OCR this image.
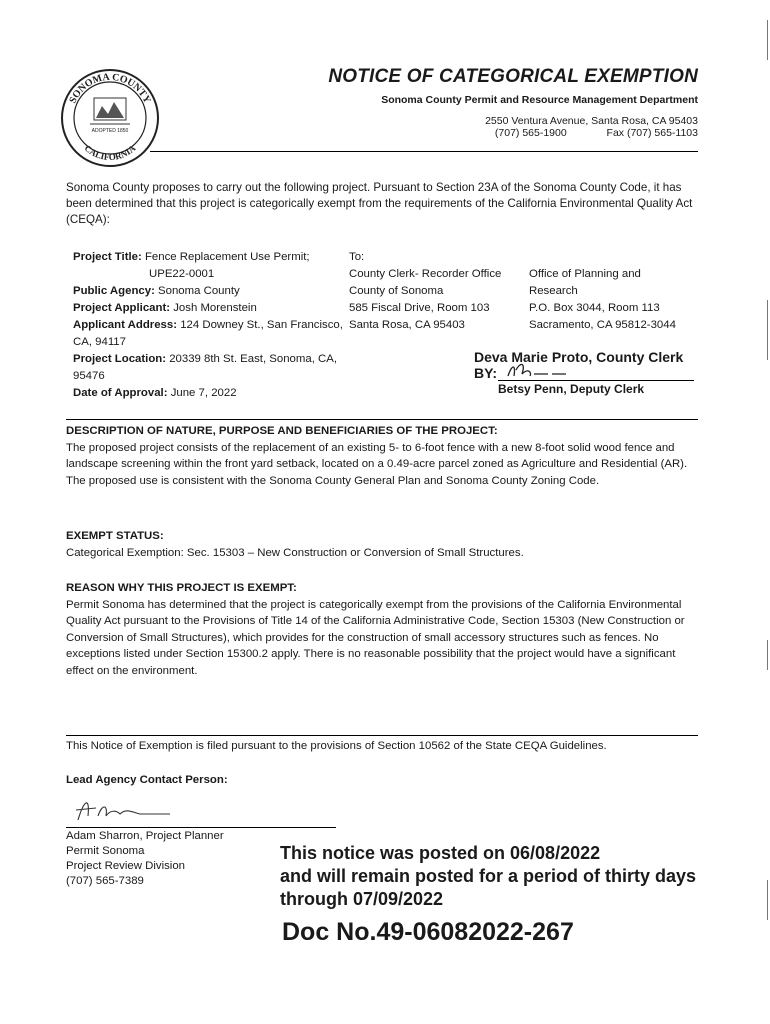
SONOMA COUNTY
CALIFORNIA
ADOPTED 1850
NOTICE OF CATEGORICAL EXEMPTION
Sonoma County Permit and Resource Management Department
2550 Ventura Avenue, Santa Rosa, CA 95403
(707) 565-1900	Fax (707) 565-1103
Sonoma County proposes to carry out the following project. Pursuant to Section 23A of the Sonoma County Code, it has been determined that this project is categorically exempt from the requirements of the California Environmental Quality Act (CEQA):
Project Title: Fence Replacement Use Permit;
UPE22-0001
Public Agency: Sonoma County
Project Applicant: Josh Morenstein
Applicant Address: 124 Downey St., San Francisco, CA, 94117
Project Location: 20339 8th St. East, Sonoma, CA, 95476
Date of Approval: June 7, 2022
To:
County Clerk- Recorder Office
County of Sonoma
585 Fiscal Drive, Room 103
Santa Rosa, CA 95403
Office of Planning and
Research
P.O. Box 3044, Room 113
Sacramento, CA 95812-3044
Deva Marie Proto, County Clerk
BY:
Betsy Penn, Deputy Clerk
DESCRIPTION OF NATURE, PURPOSE AND BENEFICIARIES OF THE PROJECT:
The proposed project consists of the replacement of an existing 5- to 6-foot fence with a new 8-foot solid wood fence and landscape screening within the front yard setback, located on a 0.49-acre parcel zoned as Agriculture and Residential (AR). The proposed use is consistent with the Sonoma County General Plan and Sonoma County Zoning Code.
EXEMPT STATUS:
Categorical Exemption: Sec. 15303 – New Construction or Conversion of Small Structures.
REASON WHY THIS PROJECT IS EXEMPT:
Permit Sonoma has determined that the project is categorically exempt from the provisions of the California Environmental Quality Act pursuant to the Provisions of Title 14 of the California Administrative Code, Section 15303 (New Construction or Conversion of Small Structures), which provides for the construction of small accessory structures such as fences. No exceptions listed under Section 15300.2 apply. There is no reasonable possibility that the project would have a significant effect on the environment.
This Notice of Exemption is filed pursuant to the provisions of Section 10562 of the State CEQA Guidelines.
Lead Agency Contact Person:
Adam Sharron, Project Planner
Permit Sonoma
Project Review Division
(707) 565-7389
This notice was posted on 06/08/2022
and will remain posted for a period of thirty days
through 07/09/2022
Doc No.49-06082022-267
